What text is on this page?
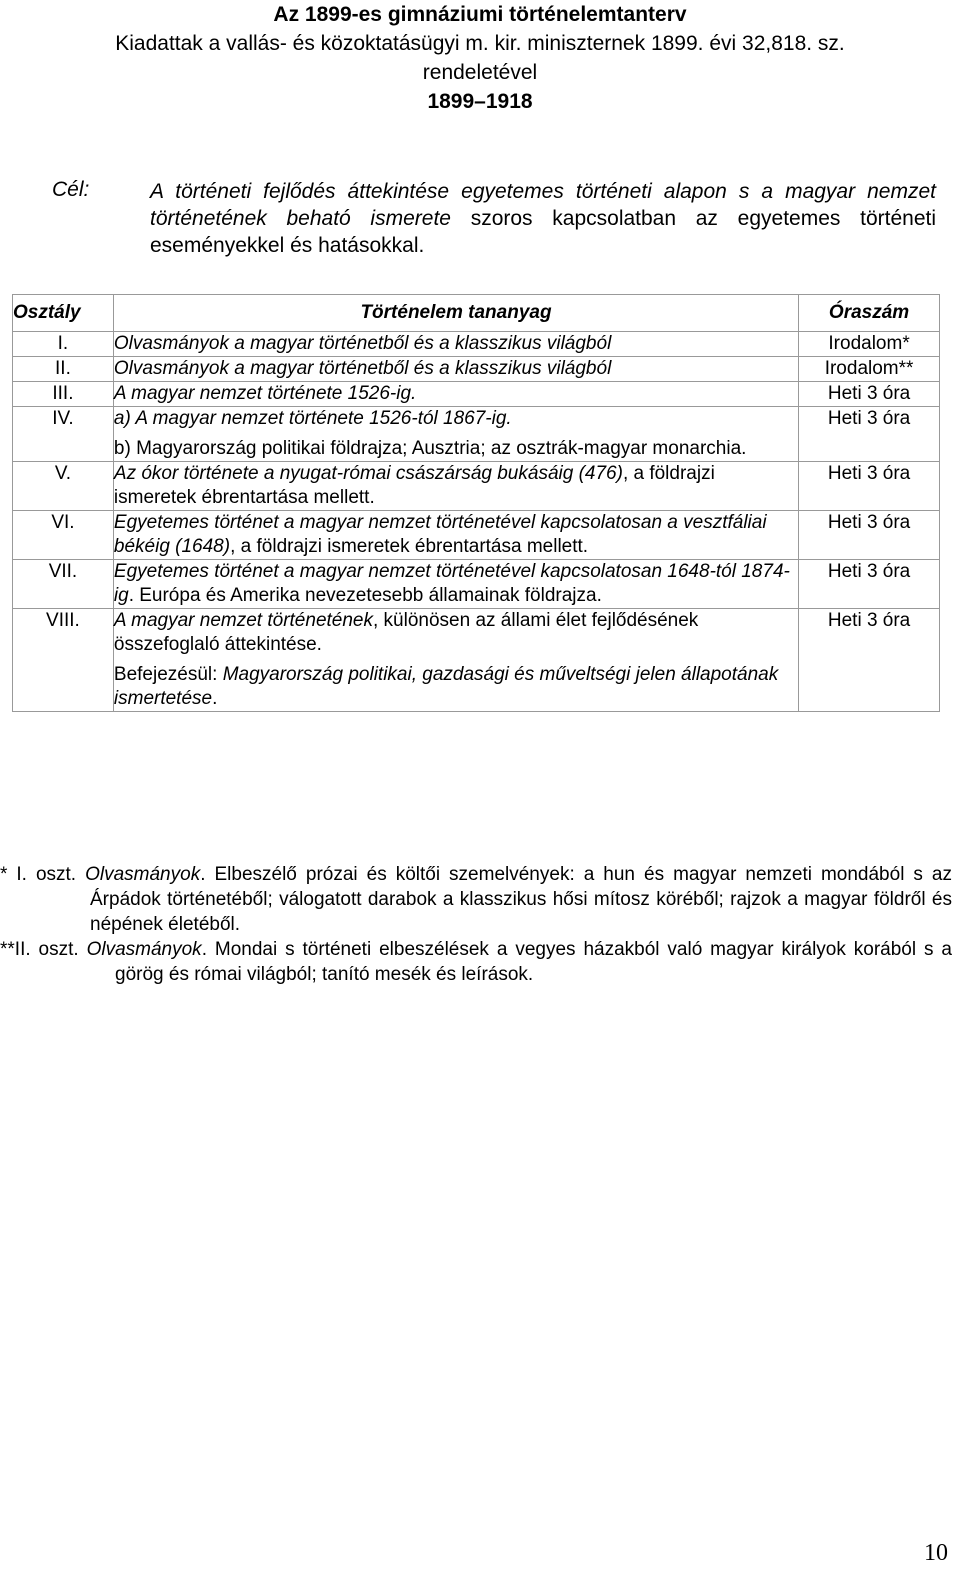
Az 1899-es gimnáziumi történelemtanterv
Kiadattak a vallás- és közoktatásügyi m. kir. miniszternek 1899. évi 32,818. sz.
rendeletével
1899–1918
Cél:	A történeti fejlődés áttekintése egyetemes történeti alapon s a magyar nemzet történetének beható ismerete szoros kapcsolatban az egyetemes történeti eseményekkel és hatásokkal.
Osztály	Történelem tananyag	Óraszám
I.	Olvasmányok a magyar történetből és a klasszikus világból	Irodalom*
II.	Olvasmányok a magyar történetből és a klasszikus világból	Irodalom**
III.	A magyar nemzet története 1526-ig.	Heti 3 óra
IV.	a) A magyar nemzet története 1526-tól 1867-ig.
b) Magyarország politikai földrajza; Ausztria; az osztrák-magyar monarchia.	Heti 3 óra
V.	Az ókor története a nyugat-római császárság bukásáig (476), a földrajzi ismeretek ébrentartása mellett.	Heti 3 óra
VI.	Egyetemes történet a magyar nemzet történetével kapcsolatosan a vesztfáliai békéig (1648), a földrajzi ismeretek ébrentartása mellett.	Heti 3 óra
VII.	Egyetemes történet a magyar nemzet történetével kapcsolatosan 1648-tól 1874-ig. Európa és Amerika nevezetesebb államainak földrajza.	Heti 3 óra
VIII.	A magyar nemzet történetének, különösen az állami élet fejlődésének összefoglaló áttekintése.
Befejezésül: Magyarország politikai, gazdasági és műveltségi jelen állapotának ismertetése.	Heti 3 óra
* I. oszt. Olvasmányok. Elbeszélő prózai és költői szemelvények: a hun és magyar nemzeti mondából s az Árpádok történetéből; válogatott darabok a klasszikus hősi mítosz köréből; rajzok a magyar földről és népének életéből.
**II. oszt. Olvasmányok. Mondai s történeti elbeszélések a vegyes házakból való magyar királyok korából s a görög és római világból; tanító mesék és leírások.
10
